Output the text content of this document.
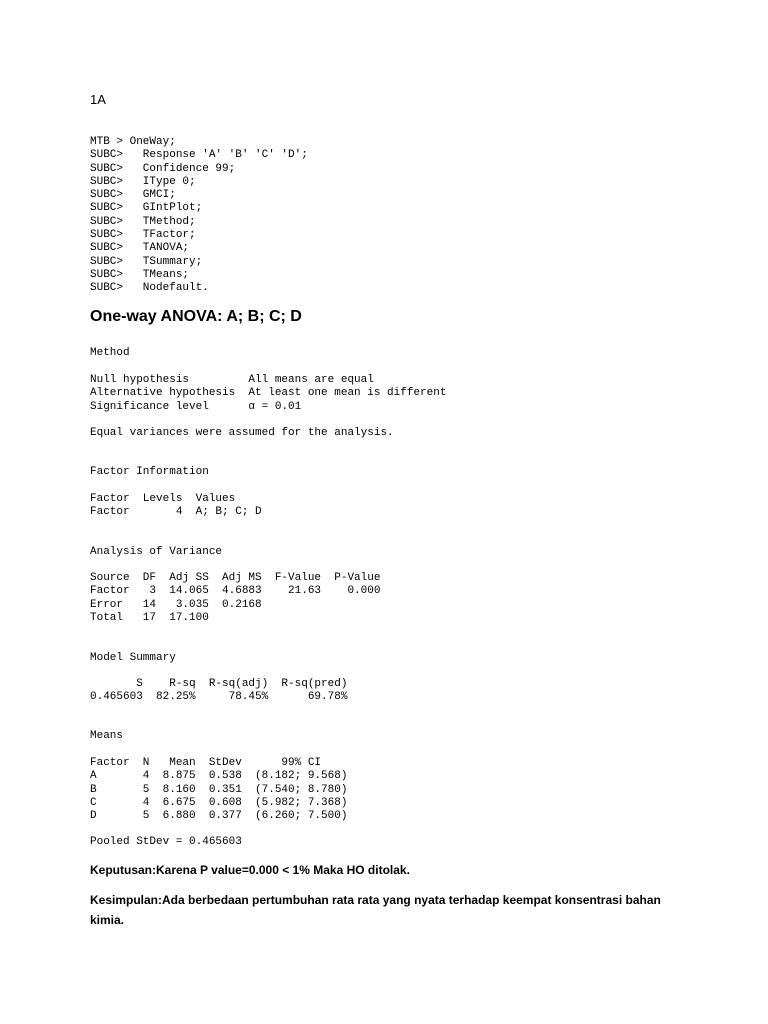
1A
MTB > OneWay;
SUBC>   Response 'A' 'B' 'C' 'D';
SUBC>   Confidence 99;
SUBC>   IType 0;
SUBC>   GMCI;
SUBC>   GIntPlot;
SUBC>   TMethod;
SUBC>   TFactor;
SUBC>   TANOVA;
SUBC>   TSummary;
SUBC>   TMeans;
SUBC>   Nodefault.
One-way ANOVA: A; B; C; D
Method
Null hypothesis         All means are equal
Alternative hypothesis  At least one mean is different
Significance level      α = 0.01
Equal variances were assumed for the analysis.
Factor Information
Factor  Levels  Values
Factor       4  A; B; C; D
Analysis of Variance
Source  DF  Adj SS  Adj MS  F-Value  P-Value
Factor   3  14.065  4.6883    21.63    0.000
Error   14   3.035  0.2168
Total   17  17.100
Model Summary
S    R-sq  R-sq(adj)  R-sq(pred)
0.465603  82.25%     78.45%      69.78%
Means
Factor  N   Mean  StDev      99% CI
A       4  8.875  0.538  (8.182; 9.568)
B       5  8.160  0.351  (7.540; 8.780)
C       4  6.675  0.608  (5.982; 7.368)
D       5  6.880  0.377  (6.260; 7.500)
Pooled StDev = 0.465603
Keputusan:Karena P value=0.000 < 1% Maka HO ditolak.
Kesimpulan:Ada berbedaan pertumbuhan rata rata yang nyata terhadap keempat konsentrasi bahan kimia.
